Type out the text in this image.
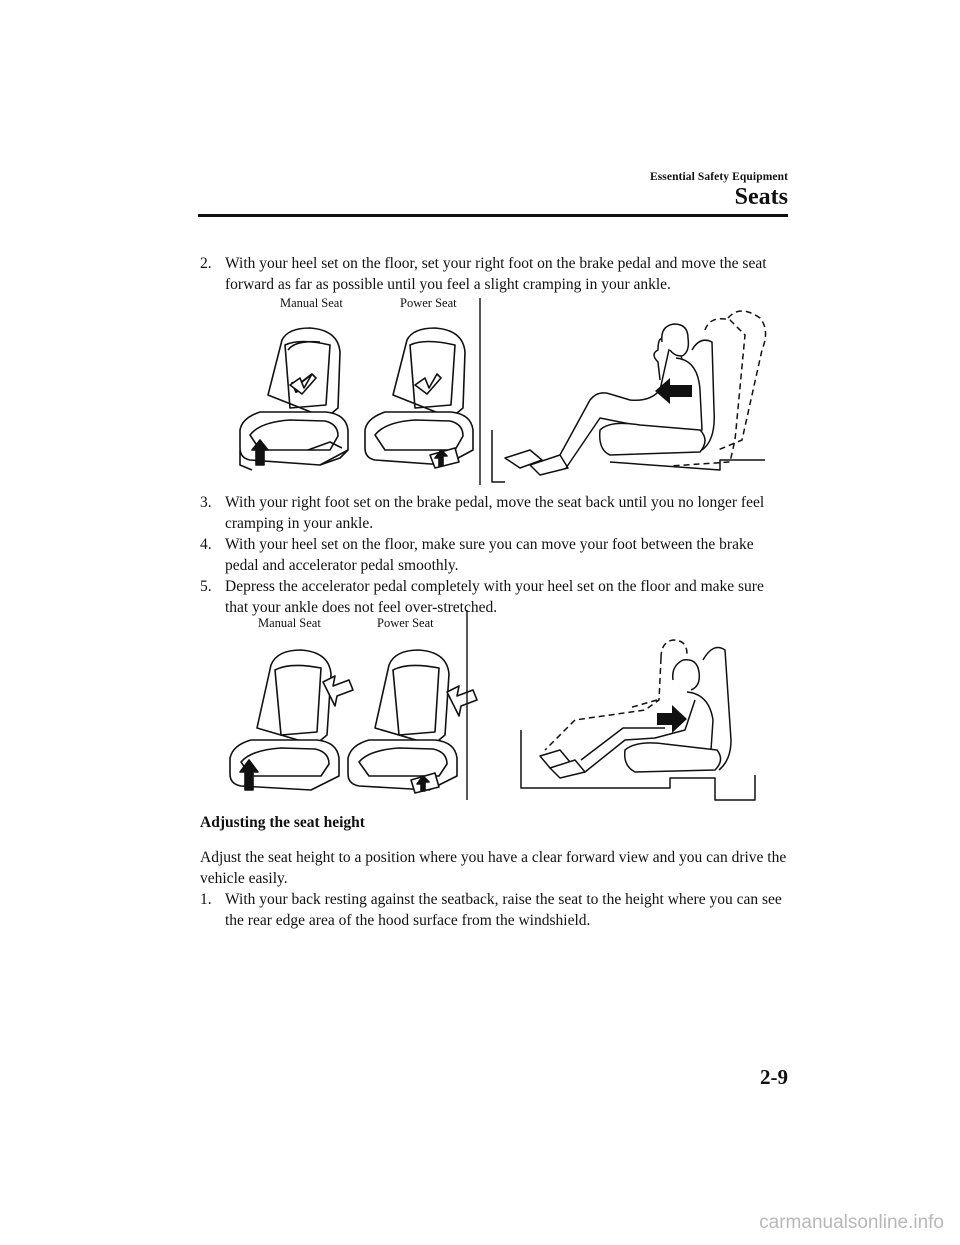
Essential Safety Equipment
Seats
2. With your heel set on the floor, set your right foot on the brake pedal and move the seat forward as far as possible until you feel a slight cramping in your ankle.
Manual Seat	Power Seat
3. With your right foot set on the brake pedal, move the seat back until you no longer feel cramping in your ankle.
4. With your heel set on the floor, make sure you can move your foot between the brake pedal and accelerator pedal smoothly.
5. Depress the accelerator pedal completely with your heel set on the floor and make sure that your ankle does not feel over-stretched.
Manual Seat	Power Seat
Adjusting the seat height
Adjust the seat height to a position where you have a clear forward view and you can drive the vehicle easily.
1. With your back resting against the seatback, raise the seat to the height where you can see the rear edge area of the hood surface from the windshield.
2-9
carmanualsonline.info
